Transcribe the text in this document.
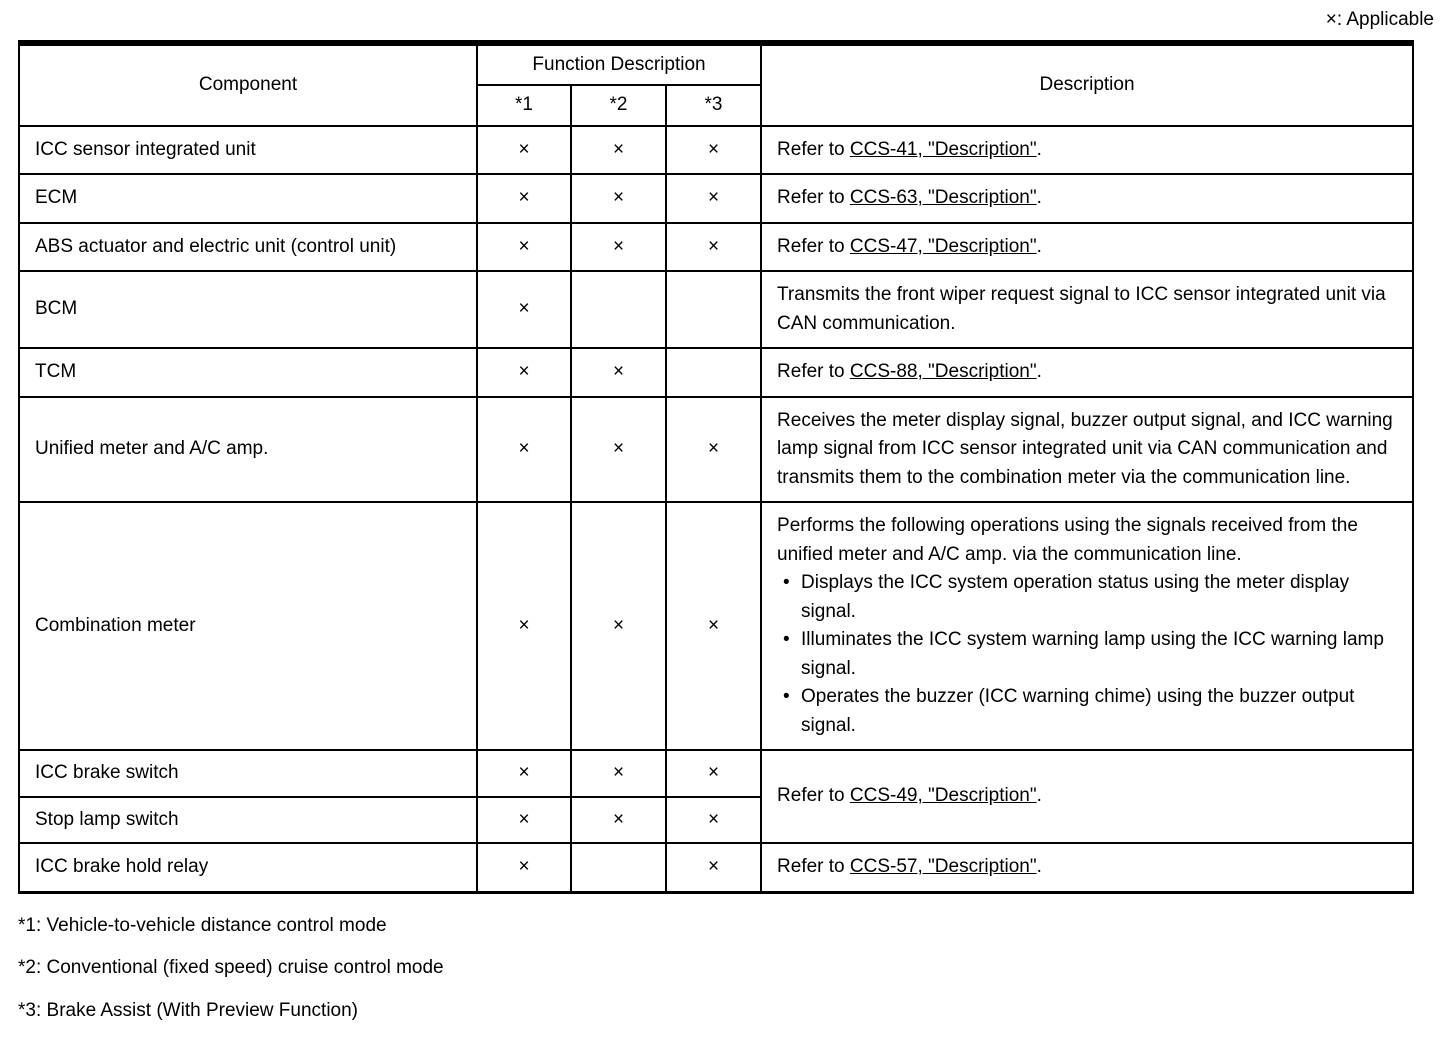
×: Applicable
Component	Function Description			Description
	*1	*2	*3	
ICC sensor integrated unit	×	×	×	Refer to CCS-41, "Description".
ECM	×	×	×	Refer to CCS-63, "Description".
ABS actuator and electric unit (control unit)	×	×	×	Refer to CCS-47, "Description".
BCM	×			Transmits the front wiper request signal to ICC sensor integrated unit via CAN communication.
TCM	×	×		Refer to CCS-88, "Description".
Unified meter and A/C amp.	×	×	×	Receives the meter display signal, buzzer output signal, and ICC warning lamp signal from ICC sensor integrated unit via CAN communication and transmits them to the combination meter via the communication line.
Combination meter	×	×	×	
Performs the following operations using the signals received from the unified meter and A/C amp. via the communication line.
• Displays the ICC system operation status using the meter display signal.
• Illuminates the ICC system warning lamp using the ICC warning lamp signal.
• Operates the buzzer (ICC warning chime) using the buzzer output signal.

ICC brake switch	×	×	×	Refer to CCS-49, "Description".
Stop lamp switch	×	×	×	
ICC brake hold relay	×		×	Refer to CCS-57, "Description".

*1: Vehicle-to-vehicle distance control mode

*2: Conventional (fixed speed) cruise control mode

*3: Brake Assist (With Preview Function)
